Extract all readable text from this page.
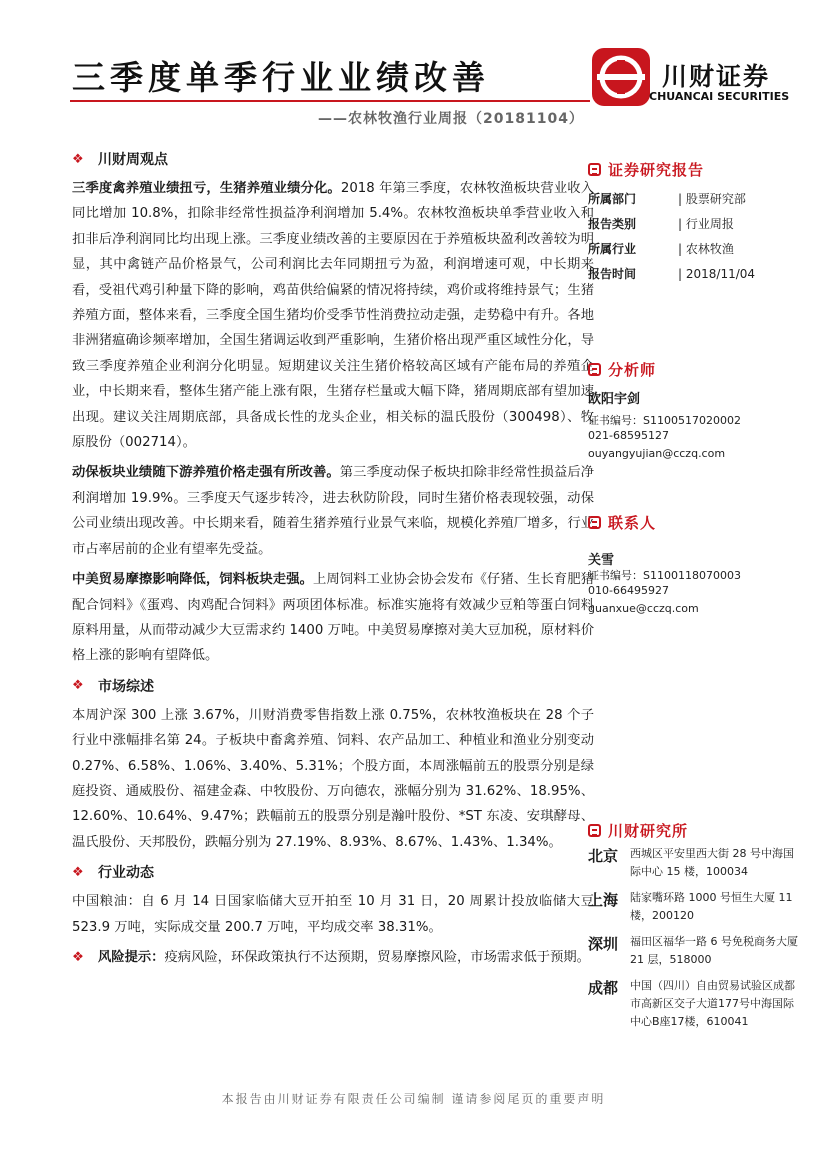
三季度单季行业业绩改善
——农林牧渔行业周报（20181104）
川财证券
CHUANCAI SECURITIES
❖	川财周观点

三季度禽养殖业绩扭亏，生猪养殖业绩分化。2018 年第三季度，农林牧渔板块营业收入同比增加 10.8%，扣除非经常性损益净利润增加 5.4%。农林牧渔板块单季营业收入和扣非后净利润同比均出现上涨。三季度业绩改善的主要原因在于养殖板块盈利改善较为明显，其中禽链产品价格景气，公司利润比去年同期扭亏为盈，利润增速可观，中长期来看，受祖代鸡引种量下降的影响，鸡苗供给偏紧的情况将持续，鸡价或将维持景气；生猪养殖方面，整体来看，三季度全国生猪均价受季节性消费拉动走强，走势稳中有升。各地非洲猪瘟确诊频率增加，全国生猪调运收到严重影响，生猪价格出现严重区域性分化，导致三季度养殖企业利润分化明显。短期建议关注生猪价格较高区域有产能布局的养殖企业，中长期来看，整体生猪产能上涨有限，生猪存栏量或大幅下降，猪周期底部有望加速出现。建议关注周期底部，具备成长性的龙头企业，相关标的温氏股份（300498）、牧原股份（002714）。

动保板块业绩随下游养殖价格走强有所改善。第三季度动保子板块扣除非经常性损益后净利润增加 19.9%。三季度天气逐步转冷，进去秋防阶段，同时生猪价格表现较强，动保公司业绩出现改善。中长期来看，随着生猪养殖行业景气来临，规模化养殖厂增多，行业市占率居前的企业有望率先受益。

中美贸易摩擦影响降低，饲料板块走强。上周饲料工业协会协会发布《仔猪、生长育肥猪配合饲料》《蛋鸡、肉鸡配合饲料》两项团体标准。标准实施将有效减少豆粕等蛋白饲料原料用量，从而带动减少大豆需求约 1400 万吨。中美贸易摩擦对美大豆加税，原材料价格上涨的影响有望降低。

❖	市场综述

本周沪深 300 上涨 3.67%，川财消费零售指数上涨 0.75%，农林牧渔板块在 28 个子行业中涨幅排名第 24。子板块中畜禽养殖、饲料、农产品加工、种植业和渔业分别变动 0.27%、6.58%、1.06%、3.40%、5.31%；个股方面，本周涨幅前五的股票分别是绿庭投资、通威股份、福建金森、中牧股份、万向德农，涨幅分别为 31.62%、18.95%、12.60%、10.64%、9.47%；跌幅前五的股票分别是瀚叶股份、*ST 东凌、安琪酵母、温氏股份、天邦股份，跌幅分别为 27.19%、8.93%、8.67%、1.43%、1.34%。

❖	行业动态

中国粮油：自 6 月 14 日国家临储大豆开拍至 10 月 31 日，20 周累计投放临储大豆 523.9 万吨，实际成交量 200.7 万吨，平均成交率 38.31%。

❖	风险提示：疫病风险，环保政策执行不达预期，贸易摩擦风险，市场需求低于预期。
证券研究报告
所属部门	| 股票研究部
报告类别	| 行业周报
所属行业	| 农林牧渔
报告时间	| 2018/11/04
分析师
欧阳宇剑
证书编号：S1100517020002
021-68595127
ouyangyujian@cczq.com
联系人
关雪
证书编号：S1100118070003
010-66495927
guanxue@cczq.com
川财研究所
北京	西城区平安里西大街 28 号中海国际中心 15 楼，100034
上海	陆家嘴环路 1000 号恒生大厦 11 楼，200120
深圳	福田区福华一路 6 号免税商务大厦 21 层，518000
成都	中国（四川）自由贸易试验区成都市高新区交子大道177号中海国际中心B座17楼，610041
本报告由川财证券有限责任公司编制 谨请参阅尾页的重要声明
